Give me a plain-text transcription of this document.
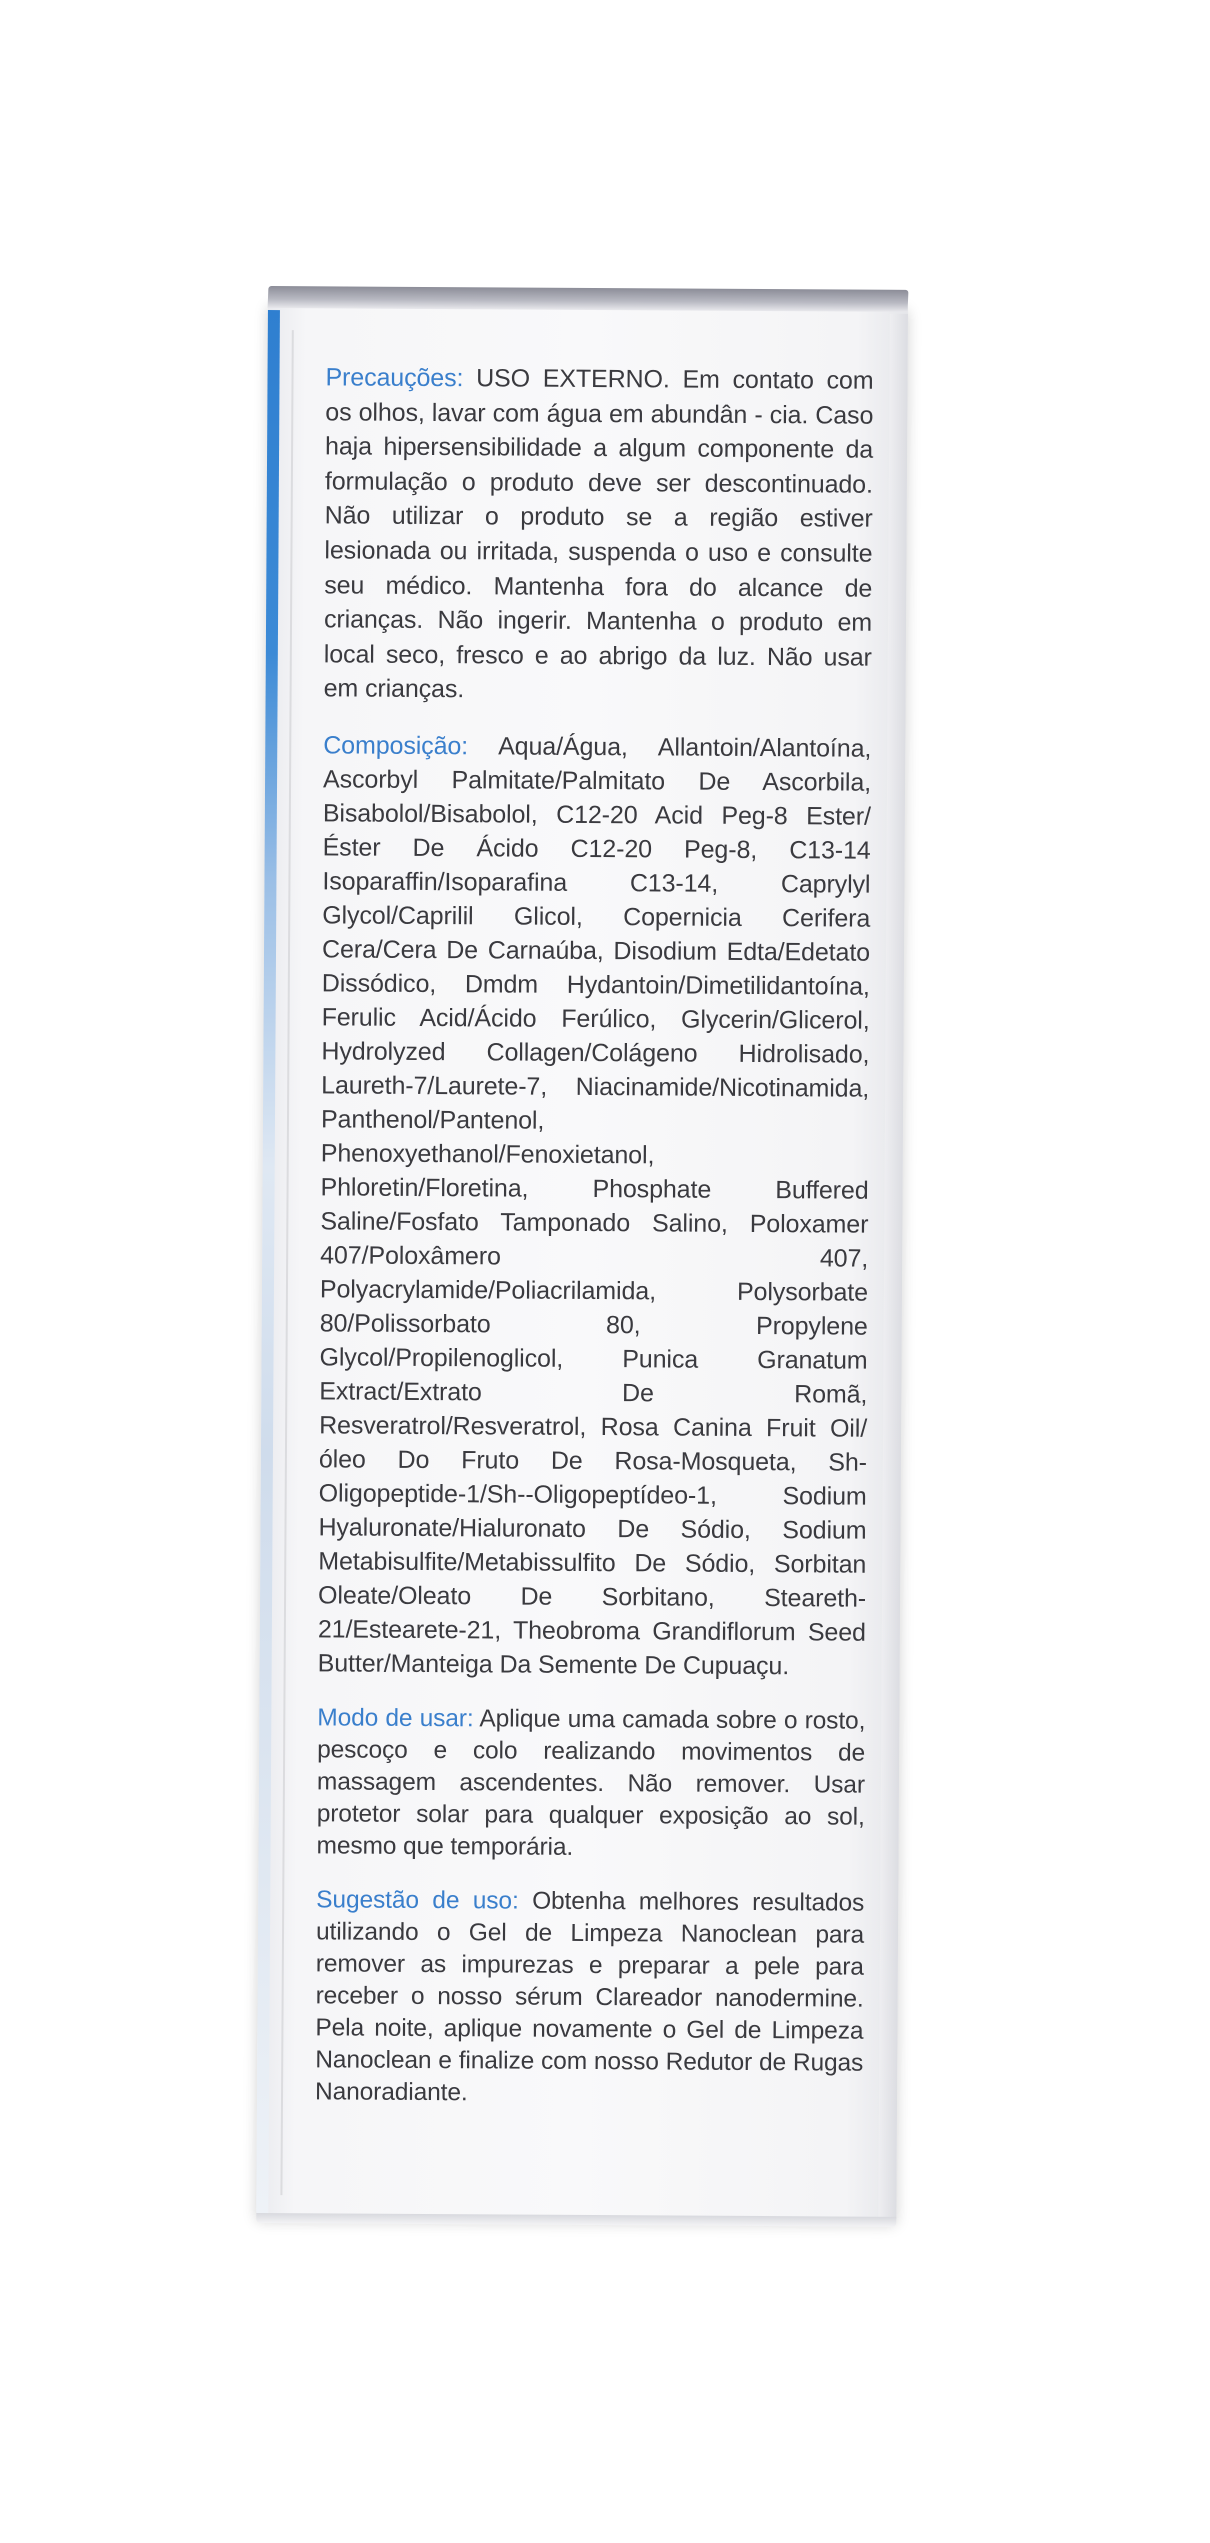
Precauções: USO EXTERNO. Em contato com os olhos, lavar com água em abundân - cia. Caso haja hipersensibilidade a algum componente da formulação o produto deve ser descontinuado. Não utilizar o produto se a região estiver lesionada ou irritada, suspenda o uso e consulte seu médico. Mantenha fora do alcance de crianças. Não ingerir. Mantenha o produto em local seco, fresco e ao abrigo da luz. Não usar em crianças.

Composição: Aqua/Água, Allantoin/Alantoína, Ascorbyl Palmitate/Palmitato De Ascorbila, Bisabolol/Bisabolol, C12-20 Acid Peg-8 Ester/Éster De Ácido C12-20 Peg-8, C13-14 Isoparaffin/Isoparafina C13-14, Caprylyl Glycol/Caprilil Glicol, Copernicia Cerifera Cera/Cera De Carnaúba, Disodium Edta/Edetato Dissódico, Dmdm Hydantoin/Dimetilidantoína, Ferulic Acid/Ácido Ferúlico, Glycerin/Glicerol, Hydrolyzed Collagen/Colágeno Hidrolisado, Laureth-7/Laurete-7, Niacinamide/Nicotinamida, Panthenol/Pantenol, Phenoxyethanol/Fenoxietanol, Phloretin/Floretina, Phosphate Buffered Saline/Fosfato Tamponado Salino, Poloxamer 407/Poloxâmero 407, Polyacrylamide/Poliacrilamida, Polysorbate 80/Polissorbato 80, Propylene Glycol/Propilenoglicol, Punica Granatum Extract/Extrato De Romã, Resveratrol/Resveratrol, Rosa Canina Fruit Oil/óleo Do Fruto De Rosa-Mosqueta, Sh-Oligopeptide-1/Sh--Oligopeptídeo-1, Sodium Hyaluronate/Hialuronato De Sódio, Sodium Metabisulfite/Metabissulfito De Sódio, Sorbitan Oleate/Oleato De Sorbitano, Steareth-21/Estearete-21, Theobroma Grandiflorum Seed Butter/Manteiga Da Semente De Cupuaçu.

Modo de usar: Aplique uma camada sobre o rosto, pescoço e colo realizando movimentos de massagem ascendentes. Não remover. Usar protetor solar para qualquer exposição ao sol, mesmo que temporária.

Sugestão de uso: Obtenha melhores resultados utilizando o Gel de Limpeza Nanoclean para remover as impurezas e preparar a pele para receber o nosso sérum Clareador nanodermine. Pela noite, aplique novamente o Gel de Limpeza Nanoclean e finalize com nosso Redutor de Rugas Nanoradiante.
